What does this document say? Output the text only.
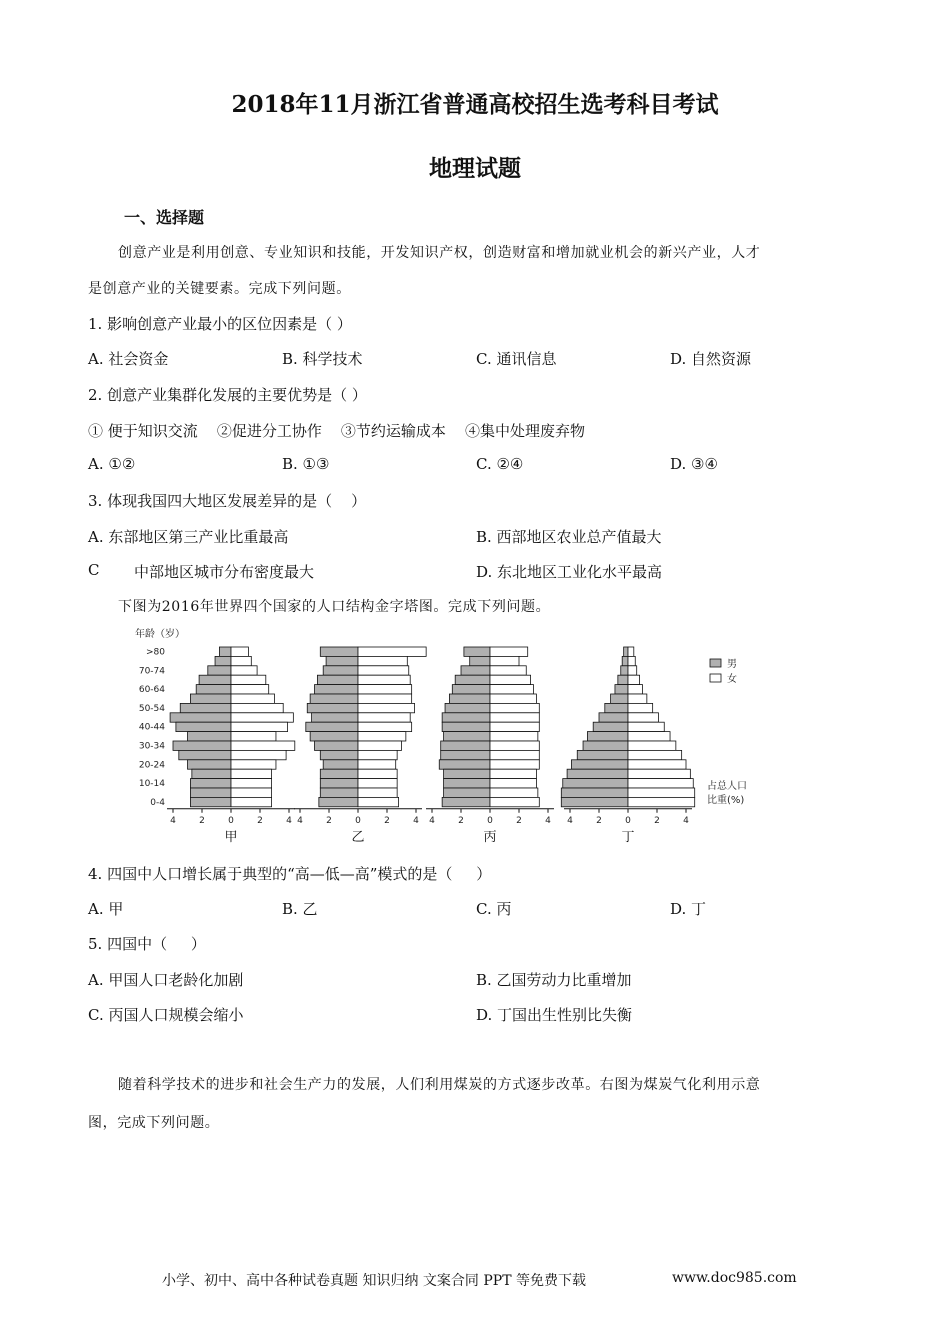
2018年11月浙江省普通高校招生选考科目考试
地理试题
一、选择题
创意产业是利用创意、专业知识和技能，开发知识产权，创造财富和增加就业机会的新兴产业，人才
是创意产业的关键要素。完成下列问题。
1. 影响创意产业最小的区位因素是（ ）
A. 社会资金	B. 科学技术	C. 通讯信息	D. 自然资源
2. 创意产业集群化发展的主要优势是（ ）
① 便于知识交流    ②促进分工协作    ③节约运输成本    ④集中处理废弃物
A. ①②	B. ①③	C. ②④	D. ③④
3. 体现我国四大地区发展差异的是（    ）
A. 东部地区第三产业比重最高	B. 西部地区农业总产值最大
C 中部地区城市分布密度最大	D. 东北地区工业化水平最高
下图为2016年世界四个国家的人口结构金字塔图。完成下列问题。
年龄（岁）
>80
70-74
60-64
50-54
40-44
30-34
20-24
10-14
0-4
4	2	0	2	4
甲
4	2	0	2	4
乙
4	2	0	2	4
丙
4	2	0	2	4
丁
男
女
占总人口
比重(%)
4. 四国中人口增长属于典型的“高—低—高”模式的是（     ）
A. 甲	B. 乙	C. 丙	D. 丁
5. 四国中（     ）
A. 甲国人口老龄化加剧	B. 乙国劳动力比重增加
C. 丙国人口规模会缩小	D. 丁国出生性别比失衡
随着科学技术的进步和社会生产力的发展，人们利用煤炭的方式逐步改革。右图为煤炭气化利用示意
图，完成下列问题。
小学、初中、高中各种试卷真题 知识归纳 文案合同 PPT 等免费下载	www.doc985.com
